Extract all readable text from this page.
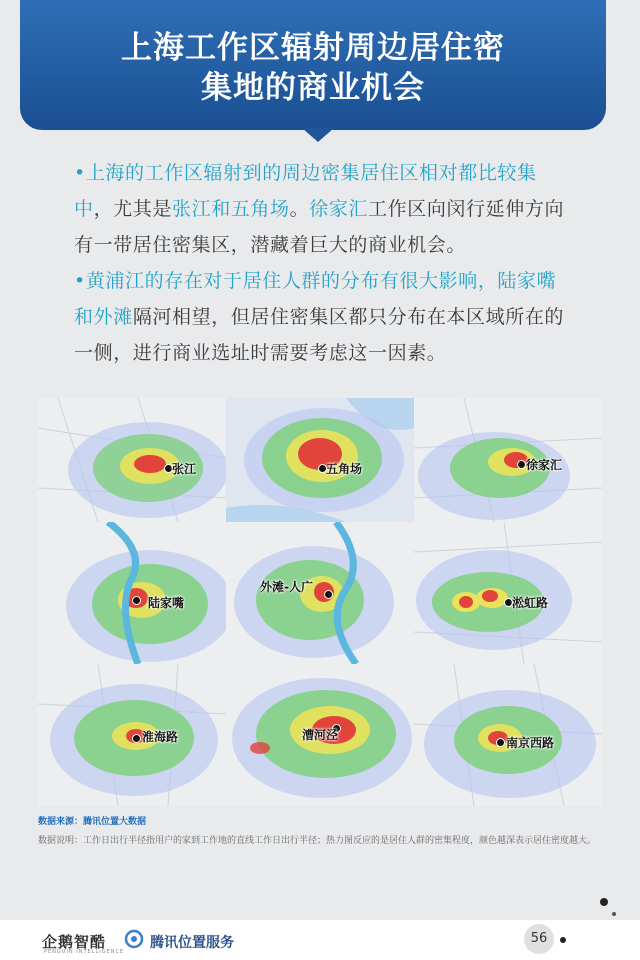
上海工作区辐射周边居住密
集地的商业机会
•上海的工作区辐射到的周边密集居住区相对都比较集中，尤其是张江和五角场。徐家汇工作区向闵行延伸方向有一带居住密集区，潜藏着巨大的商业机会。
•黄浦江的存在对于居住人群的分布有很大影响，陆家嘴和外滩隔河相望，但居住密集区都只分布在本区域所在的一侧，进行商业选址时需要考虑这一因素。
张江	五角场	徐家汇
陆家嘴
外滩-人广
淞虹路
淮海路	漕河泾
南京西路
数据来源：腾讯位置大数据
数据说明：工作日出行半径指用户的家到工作地的直线工作日出行半径；热力图反应的是居住人群的密集程度，颜色越深表示居住密度越大。
企鹅智酷
PENGUIN INTELLIGENCE
腾讯位置服务	56
